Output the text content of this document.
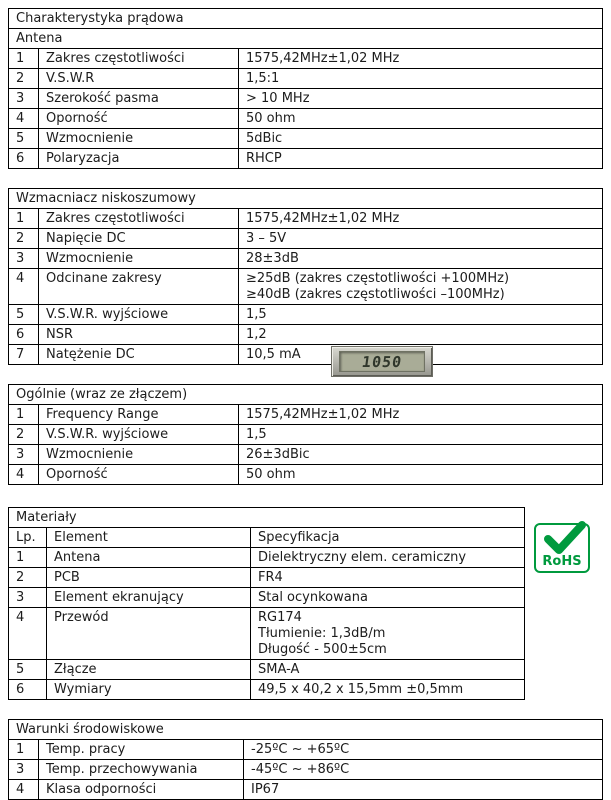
Charakterystyka prądowa
Antena
1	Zakres częstotliwości	1575,42MHz±1,02 MHz
2	V.S.W.R	1,5:1
3	Szerokość pasma	> 10 MHz
4	Oporność	50 ohm
5	Wzmocnienie	5dBic
6	Polaryzacja	RHCP
Wzmacniacz niskoszumowy
1	Zakres częstotliwości	1575,42MHz±1,02 MHz
2	Napięcie DC	3 – 5V
3	Wzmocnienie	28±3dB
4	Odcinane zakresy	≥25dB (zakres częstotliwości +100MHz)
≥40dB (zakres częstotliwości –100MHz)
5	V.S.W.R. wyjściowe	1,5
6	NSR	1,2
7	Natężenie DC	10,5 mA	1050
Ogólnie (wraz ze złączem)
1	Frequency Range	1575,42MHz±1,02 MHz
2	V.S.W.R. wyjściowe	1,5
3	Wzmocnienie	26±3dBic
4	Oporność	50 ohm
Materiały
Lp.	Element	Specyfikacja
1	Antena	Dielektryczny elem. ceramiczny
2	PCB	FR4
3	Element ekranujący	Stal ocynkowana
4	Przewód	RG174
Tłumienie: 1,3dB/m
Długość - 500±5cm
5	Złącze	SMA-A
6	Wymiary	49,5 x 40,2 x 15,5mm ±0,5mm
RoHS
Warunki środowiskowe
1	Temp. pracy	-25ºC ~ +65ºC
3	Temp. przechowywania	-45ºC ~ +86ºC
4	Klasa odporności	IP67
